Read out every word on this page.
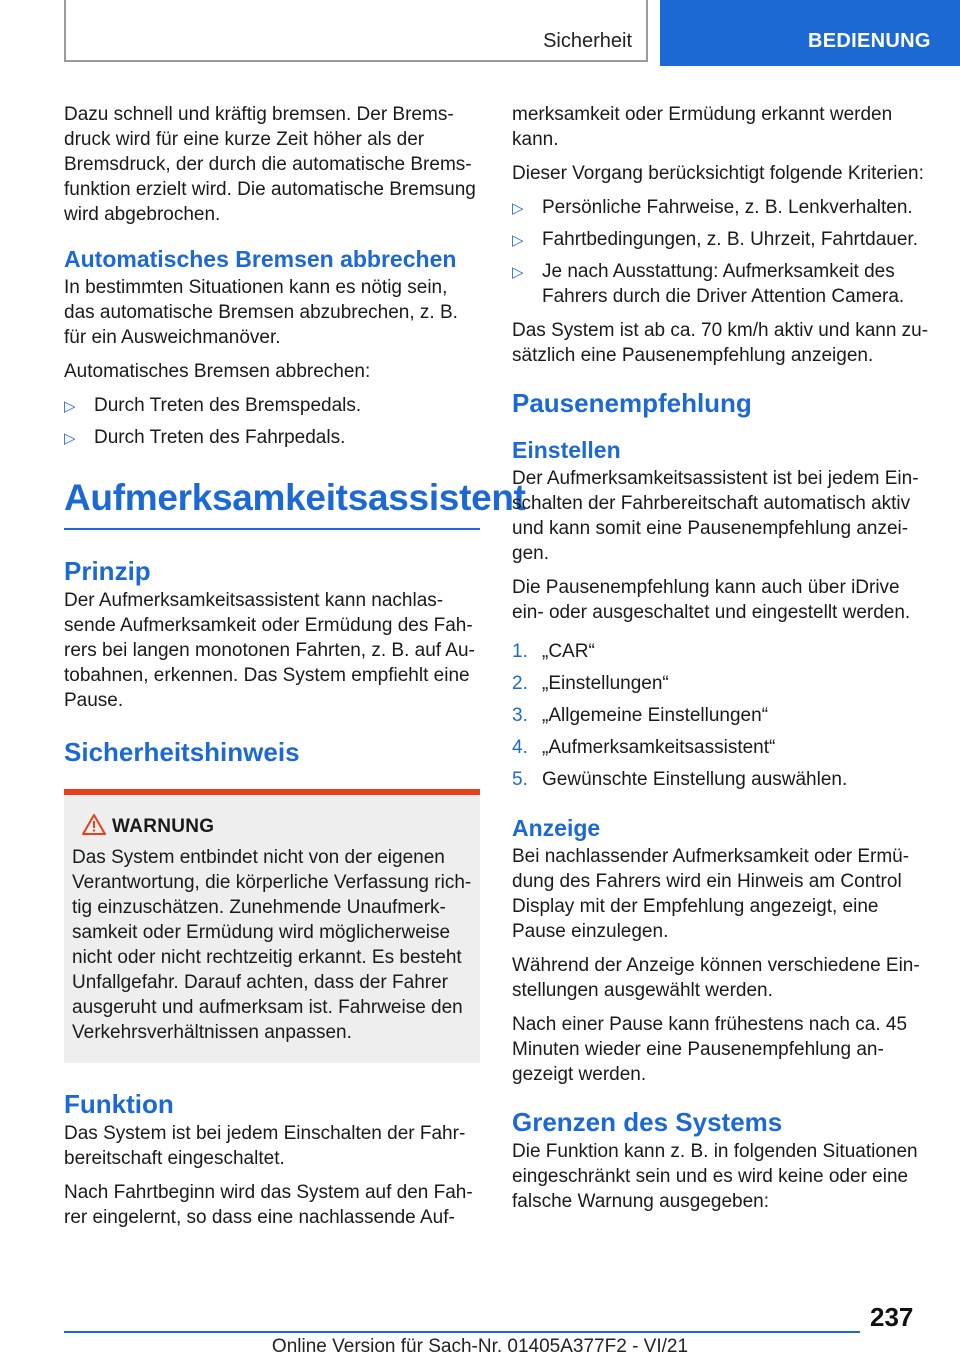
Sicherheit	BEDIENUNG

Dazu schnell und kräftig bremsen. Der Bremsdruck wird für eine kurze Zeit höher als der Bremsdruck, der durch die automatische Bremsfunktion erzielt wird. Die automatische Bremsung wird abgebrochen.

Automatisches Bremsen abbrechen

In bestimmten Situationen kann es nötig sein, das automatische Bremsen abzubrechen, z. B. für ein Ausweichmanöver.

Automatisches Bremsen abbrechen:

▷ Durch Treten des Bremspedals.
▷ Durch Treten des Fahrpedals.
Aufmerksamkeitsassistent
Prinzip

Der Aufmerksamkeitsassistent kann nachlassende Aufmerksamkeit oder Ermüdung des Fahrers bei langen monotonen Fahrten, z. B. auf Autobahnen, erkennen. Das System empfiehlt eine Pause.

Sicherheitshinweis
WARNUNG

Das System entbindet nicht von der eigenen Verantwortung, die körperliche Verfassung richtig einzuschätzen. Zunehmende Unaufmerksamkeit oder Ermüdung wird möglicherweise nicht oder nicht rechtzeitig erkannt. Es besteht Unfallgefahr. Darauf achten, dass der Fahrer ausgeruht und aufmerksam ist. Fahrweise den Verkehrsverhältnissen anpassen.

Funktion

Das System ist bei jedem Einschalten der Fahrbereitschaft eingeschaltet.

Nach Fahrtbeginn wird das System auf den Fahrer eingelernt, so dass eine nachlassende Auf-

merksamkeit oder Ermüdung erkannt werden kann.

Dieser Vorgang berücksichtigt folgende Kriterien:

▷ Persönliche Fahrweise, z. B. Lenkverhalten.
▷ Fahrtbedingungen, z. B. Uhrzeit, Fahrtdauer.
▷ Je nach Ausstattung: Aufmerksamkeit des Fahrers durch die Driver Attention Camera.

Das System ist ab ca. 70 km/h aktiv und kann zusätzlich eine Pausenempfehlung anzeigen.

Pausenempfehlung
Einstellen

Der Aufmerksamkeitsassistent ist bei jedem Einschalten der Fahrbereitschaft automatisch aktiv und kann somit eine Pausenempfehlung anzeigen.

Die Pausenempfehlung kann auch über iDrive ein- oder ausgeschaltet und eingestellt werden.

1. „CAR“
2. „Einstellungen“
3. „Allgemeine Einstellungen“
4. „Aufmerksamkeitsassistent“
5. Gewünschte Einstellung auswählen.
Anzeige

Bei nachlassender Aufmerksamkeit oder Ermüdung des Fahrers wird ein Hinweis am Control Display mit der Empfehlung angezeigt, eine Pause einzulegen.

Während der Anzeige können verschiedene Einstellungen ausgewählt werden.

Nach einer Pause kann frühestens nach ca. 45 Minuten wieder eine Pausenempfehlung angezeigt werden.

Grenzen des Systems

Die Funktion kann z. B. in folgenden Situationen eingeschränkt sein und es wird keine oder eine falsche Warnung ausgegeben:

237
Online Version für Sach-Nr. 01405A377F2 - VI/21
